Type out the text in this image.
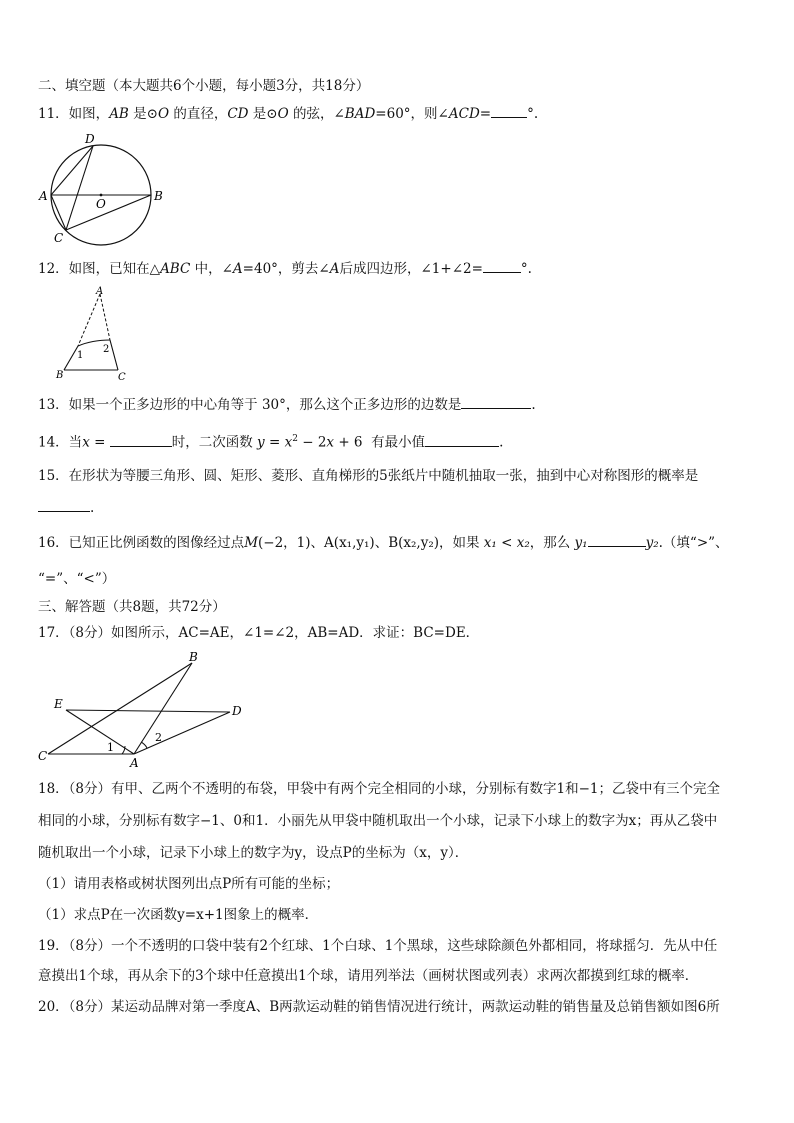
二、填空题（本大题共6个小题，每小题3分，共18分）
11．如图，AB 是⊙O 的直径，CD 是⊙O 的弦，∠BAD=60°，则∠ACD=	°.
D
A
O
B
C
12．如图，已知在△ABC 中，∠A=40°，剪去∠A后成四边形，∠1+∠2=	°.
A
1
2
B	C
13．如果一个正多边形的中心角等于 30°，那么这个正多边形的边数是	.
14．当x =	时，二次函数 $y = x^2 - 2x + 6$  有最小值	.
15．在形状为等腰三角形、圆、矩形、菱形、直角梯形的5张纸片中随机抽取一张，抽到中心对称图形的概率是
.
16．已知正比例函数的图像经过点M(−2，1)、A(x₁,y₁)、B(x₂,y₂)，如果 x₁ < x₂，那么 y₁	y₂.（填“>”、
“=”、“<”）
三、解答题（共8题，共72分）
17．（8分）如图所示，AC=AE，∠1=∠2，AB=AD．求证：BC=DE．
B
E	D
C	A
1
2
18．（8分）有甲、乙两个不透明的布袋，甲袋中有两个完全相同的小球，分别标有数字1和−1；乙袋中有三个完全
相同的小球，分别标有数字−1、0和1．小丽先从甲袋中随机取出一个小球，记录下小球上的数字为x；再从乙袋中
随机取出一个小球，记录下小球上的数字为y，设点P的坐标为（x，y）．
（1）请用表格或树状图列出点P所有可能的坐标；
（1）求点P在一次函数y=x+1图象上的概率．
19．（8分）一个不透明的口袋中装有2个红球、1个白球、1个黑球，这些球除颜色外都相同，将球摇匀．先从中任
意摸出1个球，再从余下的3个球中任意摸出1个球，请用列举法（画树状图或列表）求两次都摸到红球的概率．
20．（8分）某运动品牌对第一季度A、B两款运动鞋的销售情况进行统计，两款运动鞋的销售量及总销售额如图6所
